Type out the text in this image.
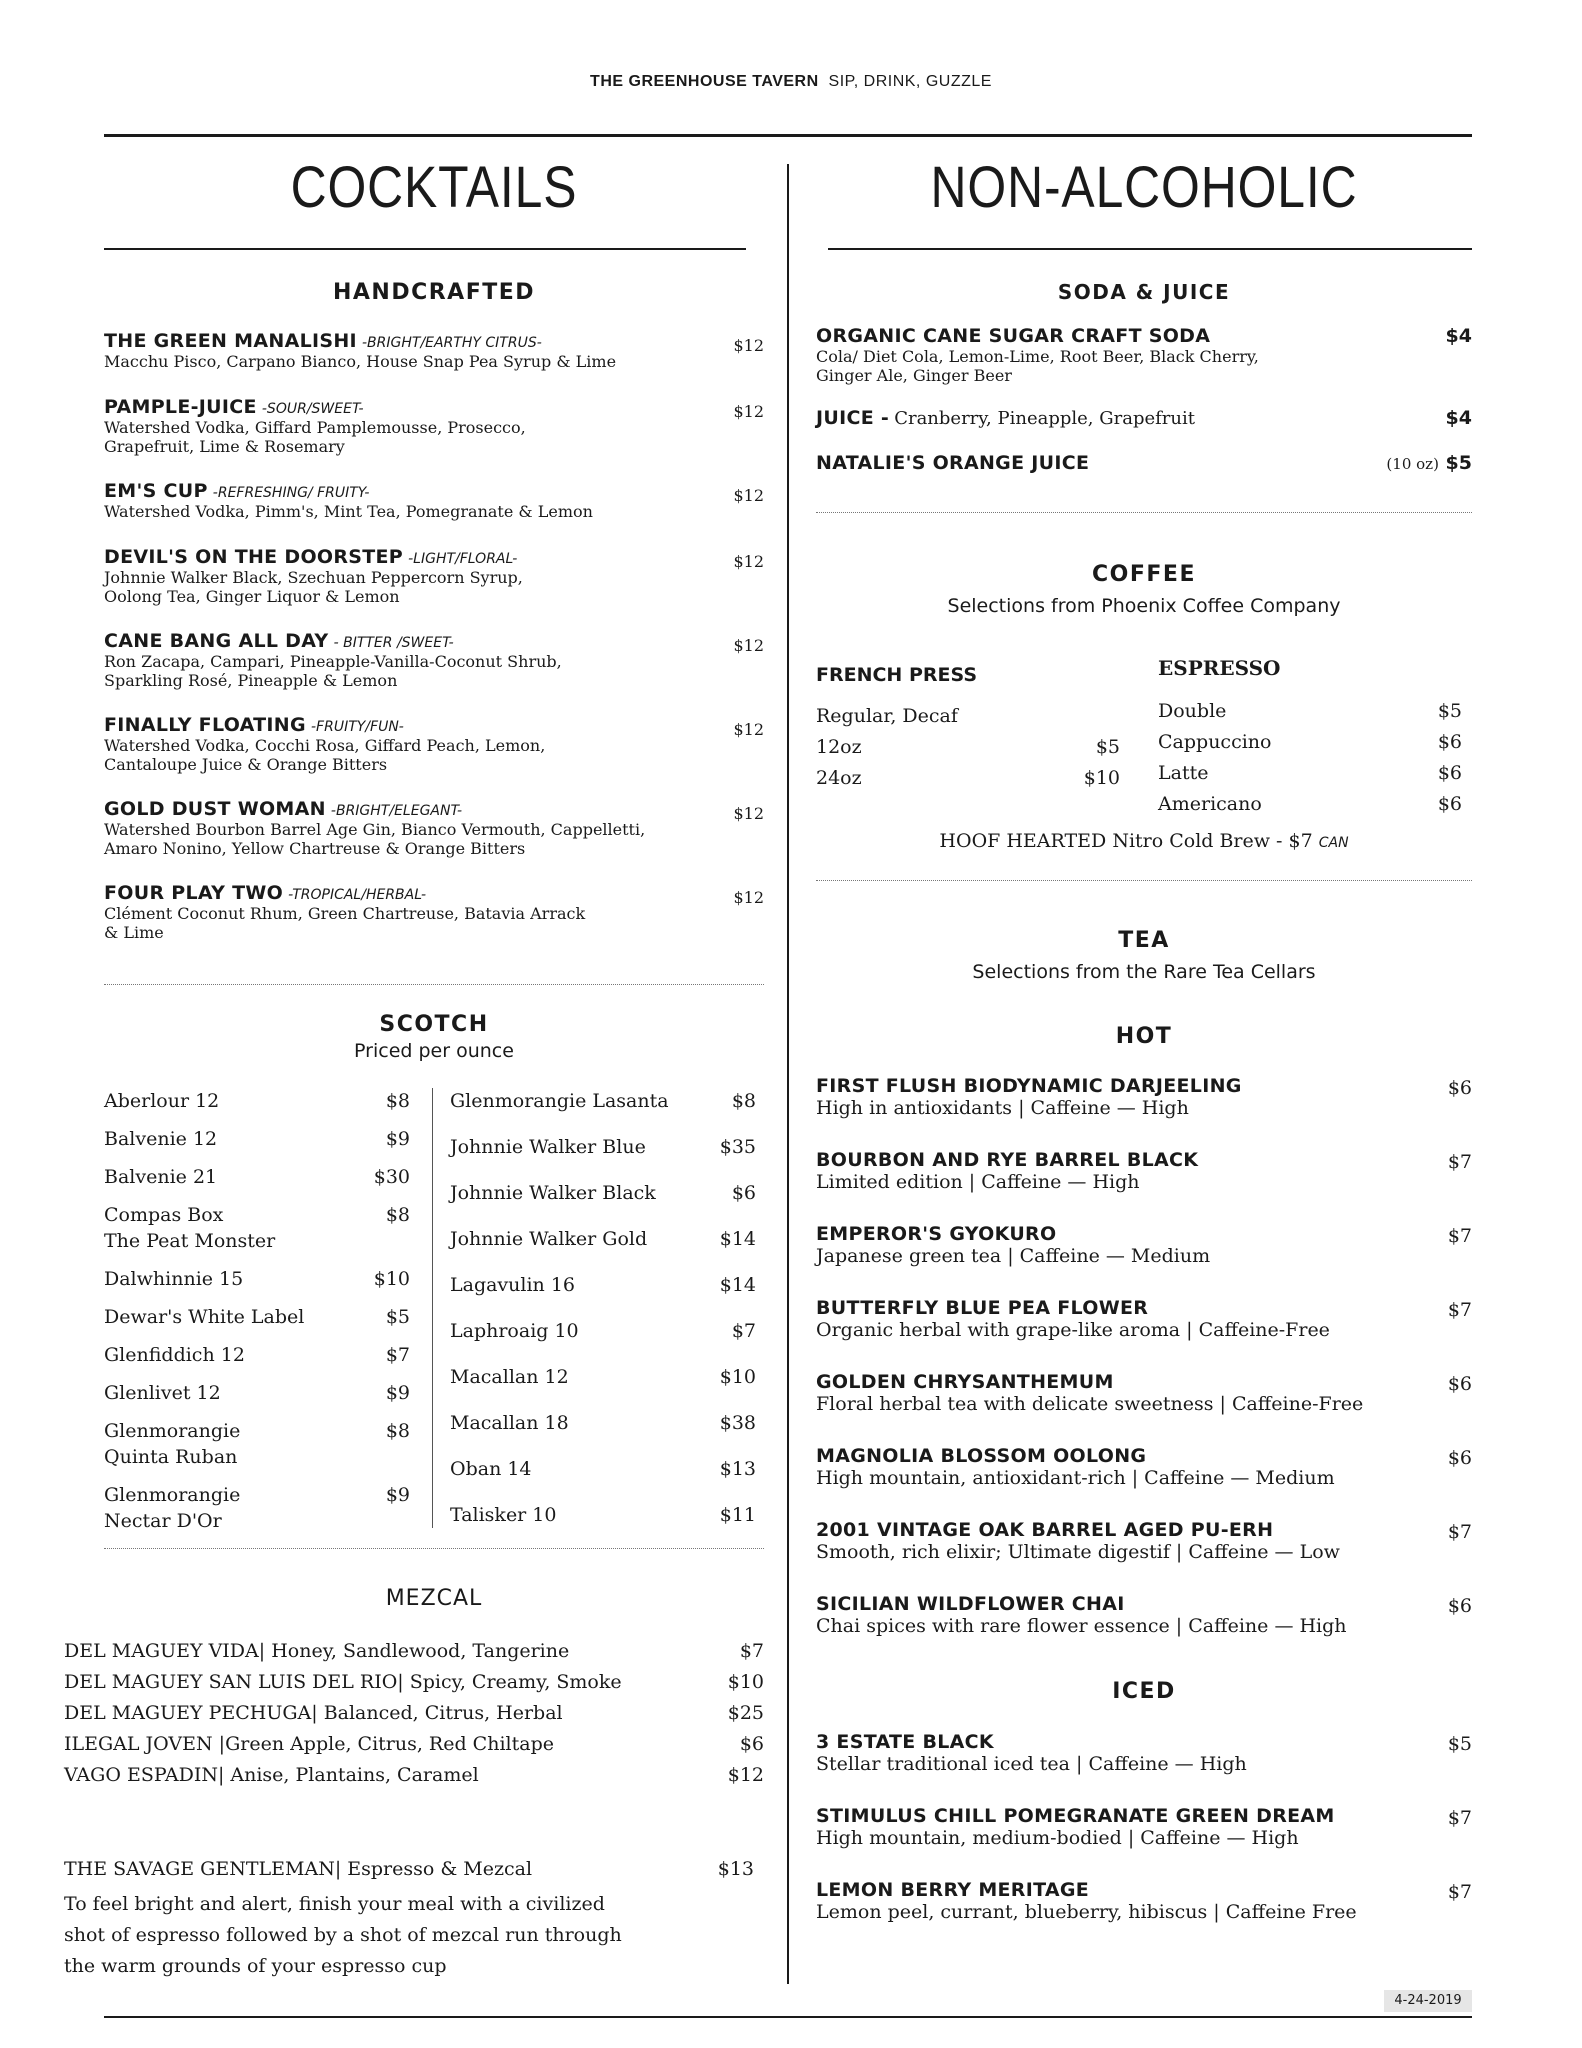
THE GREENHOUSE TAVERN SIP, DRINK, GUZZLE
COCKTAILS
HANDCRAFTED
THE GREEN MANALISHI -BRIGHT/EARTHY CITRUS-
Macchu Pisco, Carpano Bianco, House Snap Pea Syrup & Lime
$12
PAMPLE-JUICE -SOUR/SWEET-
Watershed Vodka, Giffard Pamplemousse, Prosecco,
Grapefruit, Lime & Rosemary
$12
EM'S CUP -REFRESHING/ FRUITY-
Watershed Vodka, Pimm's, Mint Tea, Pomegranate & Lemon
$12
DEVIL'S ON THE DOORSTEP -LIGHT/FLORAL-
Johnnie Walker Black, Szechuan Peppercorn Syrup,
Oolong Tea, Ginger Liquor & Lemon
$12
CANE BANG ALL DAY - BITTER /SWEET-
Ron Zacapa, Campari, Pineapple-Vanilla-Coconut Shrub,
Sparkling Rosé, Pineapple & Lemon
$12
FINALLY FLOATING -FRUITY/FUN-
Watershed Vodka, Cocchi Rosa, Giffard Peach, Lemon,
Cantaloupe Juice & Orange Bitters
$12
GOLD DUST WOMAN -BRIGHT/ELEGANT-
Watershed Bourbon Barrel Age Gin, Bianco Vermouth, Cappelletti,
Amaro Nonino, Yellow Chartreuse & Orange Bitters
$12
FOUR PLAY TWO -TROPICAL/HERBAL-
Clément Coconut Rhum, Green Chartreuse, Batavia Arrack
& Lime
$12
SCOTCH
Priced per ounce
Aberlour 12	$8
Balvenie 12	$9
Balvenie 21	$30
Compas Box
The Peat Monster
$8
Dalwhinnie 15	$10
Dewar's White Label	$5
Glenfiddich 12	$7
Glenlivet 12	$9
Glenmorangie
Quinta Ruban
$8
Glenmorangie
Nectar D'Or
$9
Glenmorangie Lasanta	$8
Johnnie Walker Blue	$35
Johnnie Walker Black	$6
Johnnie Walker Gold	$14
Lagavulin 16	$14
Laphroaig 10	$7
Macallan 12	$10
Macallan 18	$38
Oban 14	$13
Talisker 10	$11
MEZCAL
DEL MAGUEY VIDA| Honey, Sandlewood, Tangerine	$7
DEL MAGUEY SAN LUIS DEL RIO| Spicy, Creamy, Smoke	$10
DEL MAGUEY PECHUGA| Balanced, Citrus, Herbal	$25
ILEGAL JOVEN |Green Apple, Citrus, Red Chiltape	$6
VAGO ESPADIN| Anise, Plantains, Caramel	$12
THE SAVAGE GENTLEMAN| Espresso & Mezcal	$13
To feel bright and alert, finish your meal with a civilized
shot of espresso followed by a shot of mezcal run through
the warm grounds of your espresso cup
NON-ALCOHOLIC
SODA & JUICE
ORGANIC CANE SUGAR CRAFT SODA
Cola/ Diet Cola, Lemon-Lime, Root Beer, Black Cherry,
Ginger Ale, Ginger Beer
$4
JUICE - Cranberry, Pineapple, Grapefruit	$4
NATALIE'S ORANGE JUICE	(10 oz) $5
COFFEE
Selections from Phoenix Coffee Company
FRENCH PRESS
Regular, Decaf
12oz	$5
24oz	$10
ESPRESSO
Double	$5
Cappuccino	$6
Latte	$6
Americano	$6
HOOF HEARTED Nitro Cold Brew - $7 CAN
TEA
Selections from the Rare Tea Cellars
HOT
FIRST FLUSH BIODYNAMIC DARJEELING
High in antioxidants | Caffeine — High
$6
BOURBON AND RYE BARREL BLACK
Limited edition | Caffeine — High
$7
EMPEROR'S GYOKURO
Japanese green tea | Caffeine — Medium
$7
BUTTERFLY BLUE PEA FLOWER
Organic herbal with grape-like aroma | Caffeine-Free
$7
GOLDEN CHRYSANTHEMUM
Floral herbal tea with delicate sweetness | Caffeine-Free
$6
MAGNOLIA BLOSSOM OOLONG
High mountain, antioxidant-rich | Caffeine — Medium
$6
2001 VINTAGE OAK BARREL AGED PU-ERH
Smooth, rich elixir; Ultimate digestif | Caffeine — Low
$7
SICILIAN WILDFLOWER CHAI
Chai spices with rare flower essence | Caffeine — High
$6
ICED
3 ESTATE BLACK
Stellar traditional iced tea | Caffeine — High
$5
STIMULUS CHILL POMEGRANATE GREEN DREAM
High mountain, medium-bodied | Caffeine — High
$7
LEMON BERRY MERITAGE
Lemon peel, currant, blueberry, hibiscus | Caffeine Free
$7
4-24-2019
